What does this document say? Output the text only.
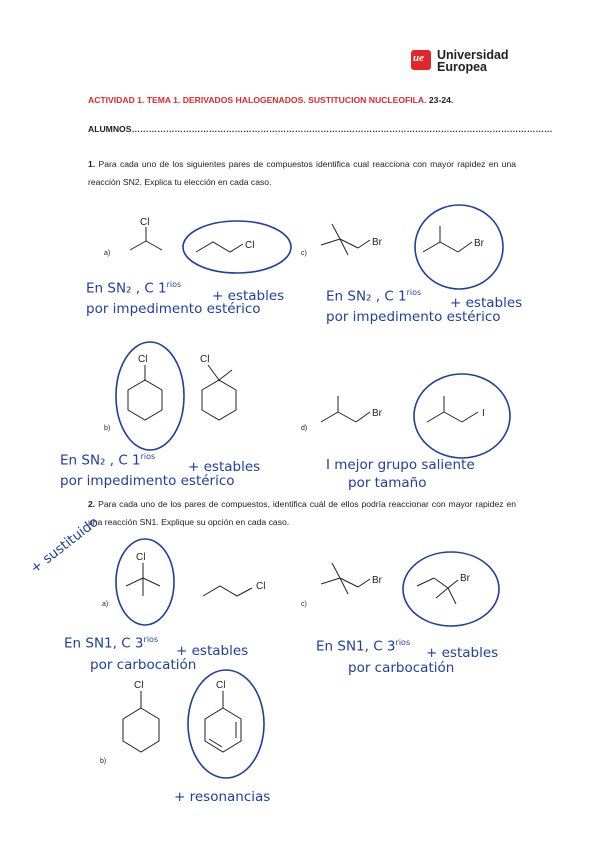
ue Universidad
Europea
ACTIVIDAD 1. TEMA 1. DERIVADOS HALOGENADOS. SUSTITUCION NUCLEOFILA. 23-24.
ALUMNOS…………………………………………………………………………………………………………………………………
1. Para cada uno de los siguientes pares de compuestos identifica cual reacciona con mayor rapidez en una reacción SN2. Explica tu elección en cada caso.
a)
Cl
Cl
c)
Br	Br
En SN₂ , C $1^{rios}$
+ estables
por impedimento estérico
En SN₂ , C $1^{rios}$
+ estables
por impedimento estérico
b)
Cl	Cl
d)
Br	I
En SN₂ , C $1^{rios}$
+ estables
por impedimento estérico
I mejor grupo saliente
por tamaño
2. Para cada uno de los pares de compuestos, identifica cuál de ellos podría reaccionar con mayor rapidez en una reacción SN1. Explique su opción en cada caso.
+ sustituido
a)
Cl
Cl
c)
Br	Br
En SN1, C $3^{rios}$
+ estables
por carbocatión
En SN1, C $3^{rios}$
+ estables
por carbocatión
b)
Cl	Cl
+ resonancias
